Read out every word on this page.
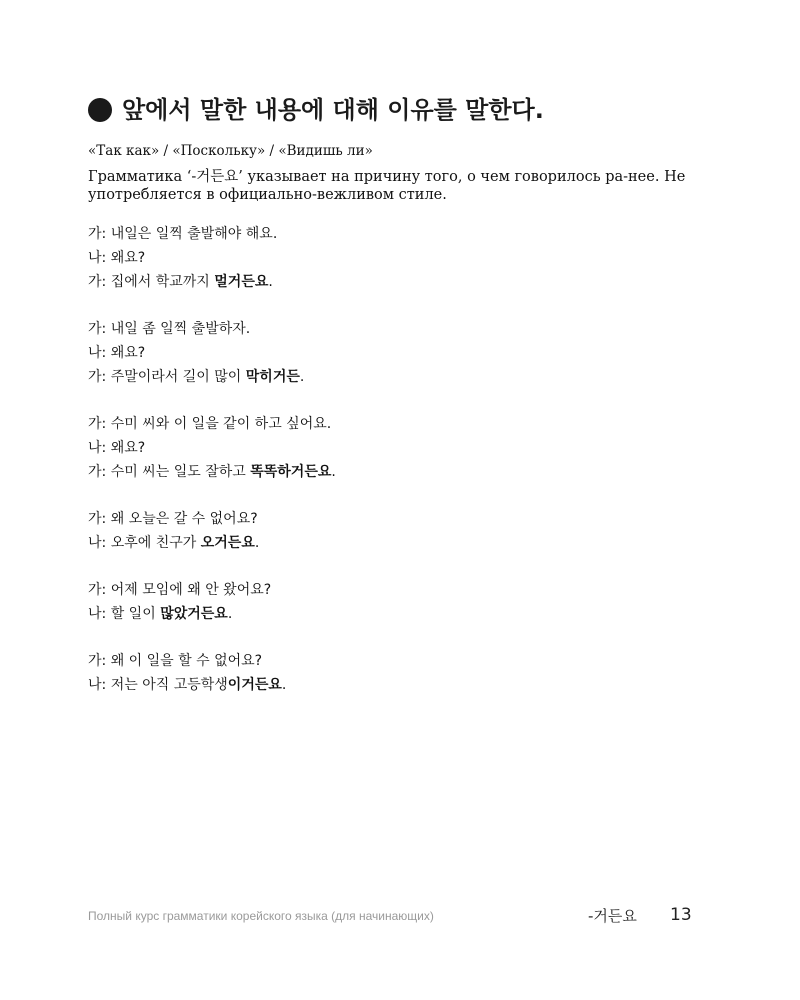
앞에서 말한 내용에 대해 이유를 말한다.
«Так как» / «Поскольку» / «Видишь ли»
Грамматика ‘-거든요’ указывает на причину того, о чем говорилось ра-нее. Не употребляется в официально-вежливом стиле.
가: 내일은 일찍 출발해야 해요.
나: 왜요?
가: 집에서 학교까지 멀거든요.
가: 내일 좀 일찍 출발하자.
나: 왜요?
가: 주말이라서 길이 많이 막히거든.
가: 수미 씨와 이 일을 같이 하고 싶어요.
나: 왜요?
가: 수미 씨는 일도 잘하고 똑똑하거든요.
가: 왜 오늘은 갈 수 없어요?
나: 오후에 친구가 오거든요.
가: 어제 모임에 왜 안 왔어요?
나: 할 일이 많았거든요.
가: 왜 이 일을 할 수 없어요?
나: 저는 아직 고등학생이거든요.
Полный курс грамматики корейского языка (для начинающих)	-거든요 13
